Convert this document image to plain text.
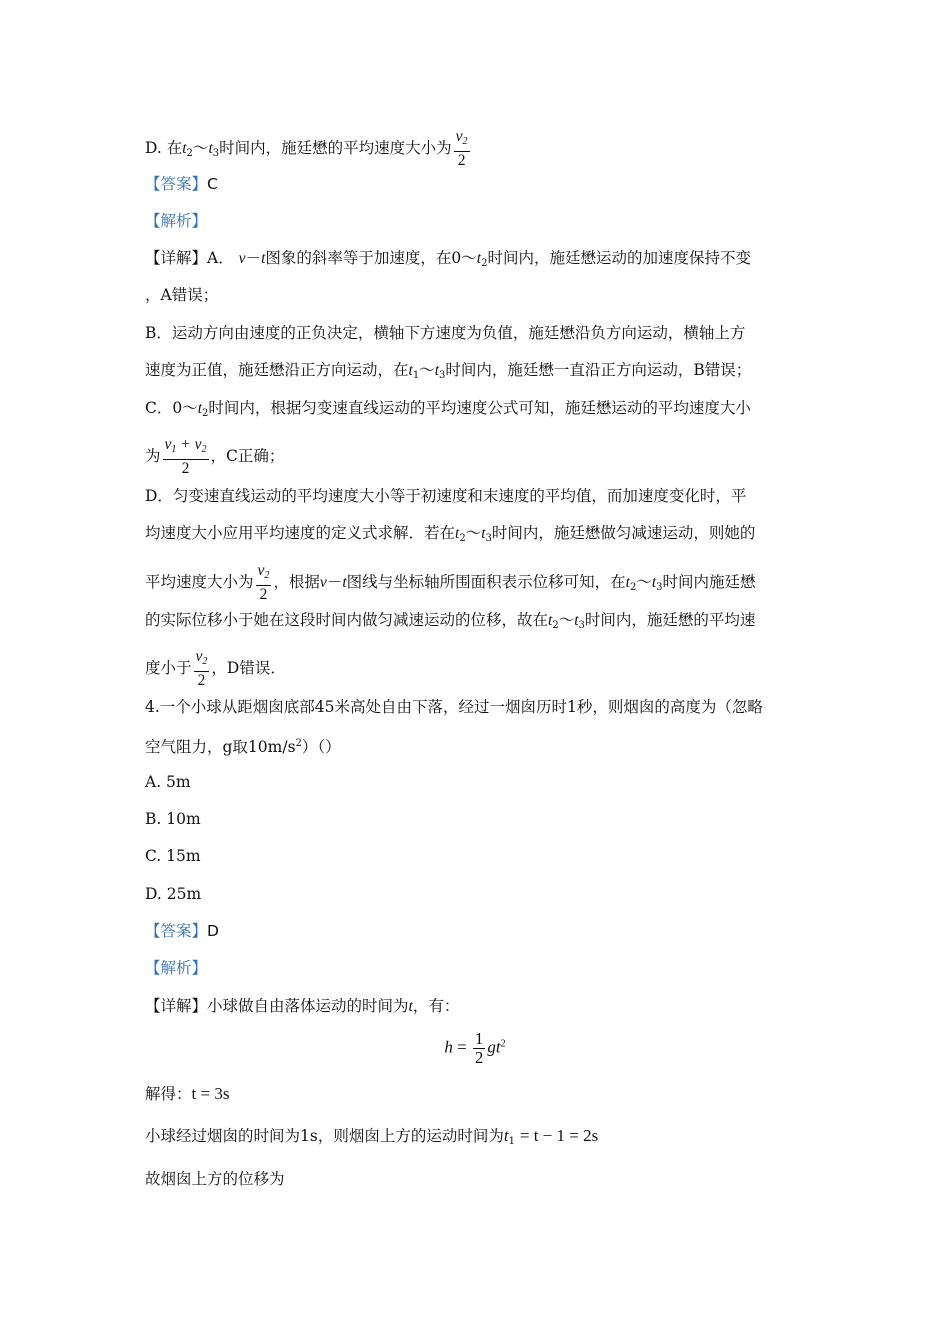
D. 在$t_2\sim t_3$时间内，施廷懋的平均速度大小为 $\frac{v_2}{2}$
【答案】C
【解析】
【详解】A． v－t图象的斜率等于加速度，在$0\sim t_2$时间内，施廷懋运动的加速度保持不变
，A错误；
B．运动方向由速度的正负决定，横轴下方速度为负值，施廷懋沿负方向运动，横轴上方
速度为正值，施廷懋沿正方向运动，在$t_1\sim t_3$时间内，施廷懋一直沿正方向运动，B错误；
C．$0\sim t_2$时间内，根据匀变速直线运动的平均速度公式可知，施廷懋运动的平均速度大小
为 $\frac{v_1 + v_2}{2}$ ，C正确；
D．匀变速直线运动的平均速度大小等于初速度和末速度的平均值，而加速度变化时，平
均速度大小应用平均速度的定义式求解．若在$t_2\sim t_3$时间内，施廷懋做匀减速运动，则她的
平均速度大小为 $\frac{v_2}{2}$ ，根据v－t图线与坐标轴所围面积表示位移可知，在$t_2\sim t_3$时间内施廷懋
的实际位移小于她在这段时间内做匀减速运动的位移，故在$t_2\sim t_3$时间内，施廷懋的平均速
度小于 $\frac{v_2}{2}$ ，D错误．
4.一个小球从距烟囱底部45米高处自由下落，经过一烟囱历时1秒，则烟囱的高度为（忽略
空气阻力，g取$10m/s^2)()$
A. 5m
B. 10m
C. 15m
D. 25m
【答案】D
【解析】
【详解】小球做自由落体运动的时间为t，有：
$h = \frac{1}{2} gt^2$
解得：t = 3s
小球经过烟囱的时间为1s，则烟囱上方的运动时间为$t_1 = t - 1 = 2s$
故烟囱上方的位移为
